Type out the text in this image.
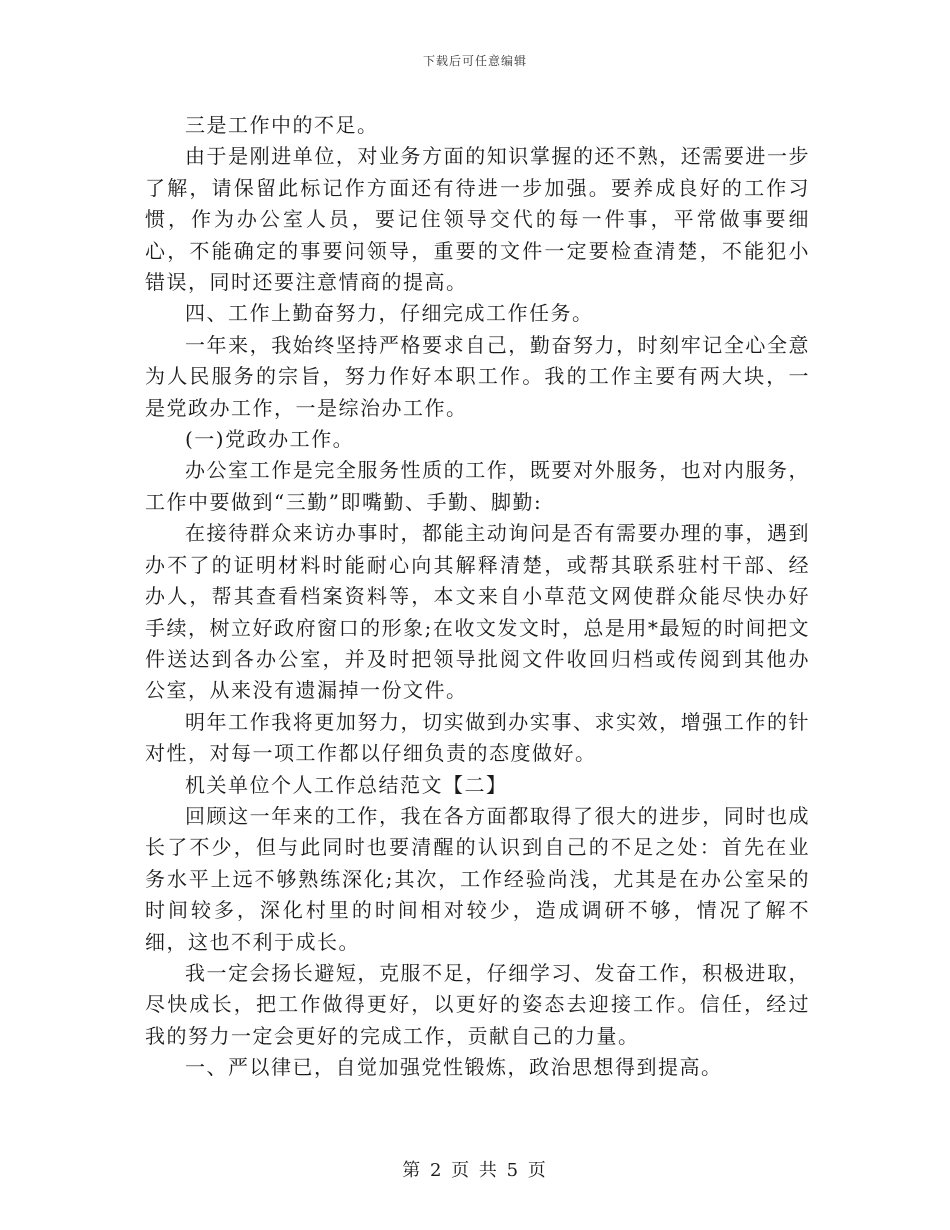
下载后可任意编辑

三是工作中的不足。

由于是刚进单位，对业务方面的知识掌握的还不熟，还需要进一步了解，请保留此标记作方面还有待进一步加强。要养成良好的工作习惯，作为办公室人员，要记住领导交代的每一件事，平常做事要细心，不能确定的事要问领导，重要的文件一定要检查清楚，不能犯小错误，同时还要注意情商的提高。

四、工作上勤奋努力，仔细完成工作任务。

一年来，我始终坚持严格要求自己，勤奋努力，时刻牢记全心全意为人民服务的宗旨，努力作好本职工作。我的工作主要有两大块，一是党政办工作，一是综治办工作。

(一)党政办工作。

办公室工作是完全服务性质的工作，既要对外服务，也对内服务，工作中要做到“三勤”即嘴勤、手勤、脚勤:

在接待群众来访办事时，都能主动询问是否有需要办理的事，遇到办不了的证明材料时能耐心向其解释清楚，或帮其联系驻村干部、经办人，帮其查看档案资料等，本文来自小草范文网使群众能尽快办好手续，树立好政府窗口的形象;在收文发文时，总是用*最短的时间把文件送达到各办公室，并及时把领导批阅文件收回归档或传阅到其他办公室，从来没有遗漏掉一份文件。

明年工作我将更加努力，切实做到办实事、求实效，增强工作的针对性，对每一项工作都以仔细负责的态度做好。

机关单位个人工作总结范文【二】

回顾这一年来的工作，我在各方面都取得了很大的进步，同时也成长了不少，但与此同时也要清醒的认识到自己的不足之处：首先在业务水平上远不够熟练深化;其次，工作经验尚浅，尤其是在办公室呆的时间较多，深化村里的时间相对较少，造成调研不够，情况了解不细，这也不利于成长。

我一定会扬长避短，克服不足，仔细学习、发奋工作，积极进取，尽快成长，把工作做得更好，以更好的姿态去迎接工作。信任，经过我的努力一定会更好的完成工作，贡献自己的力量。

一、严以律已，自觉加强党性锻炼，政治思想得到提高。

第 2 页 共 5 页
